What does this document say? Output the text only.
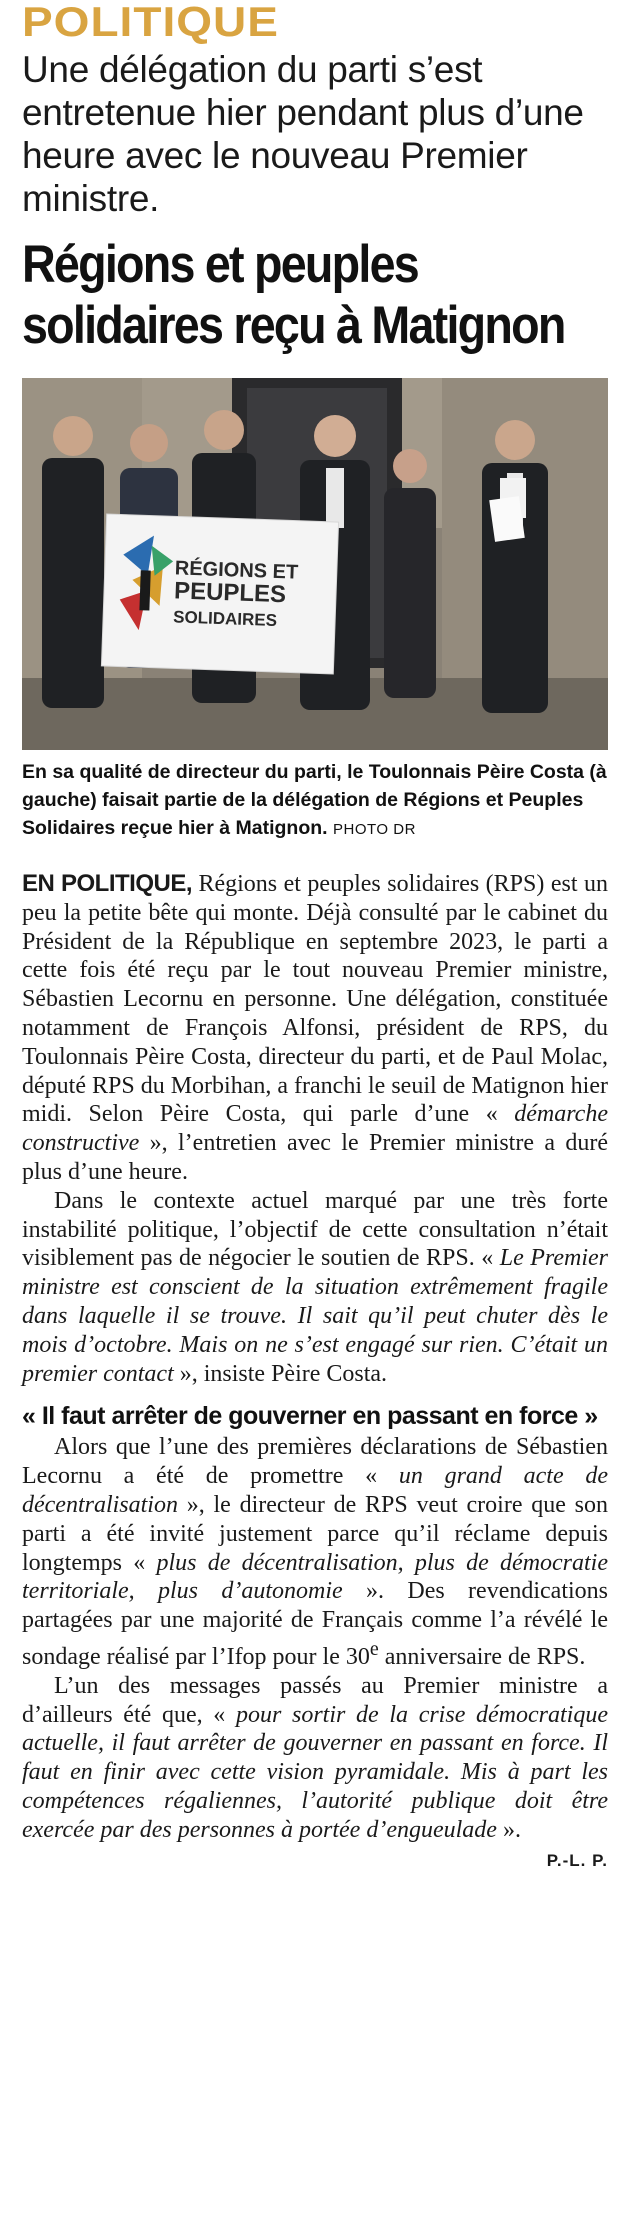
POLITIQUE
Une délégation du parti s’est entretenue hier pendant plus d’une heure avec le nouveau Premier ministre.
Régions et peuples solidaires reçu à Matignon
RÉGIONS ET
PEUPLES
SOLIDAIRES
En sa qualité de directeur du parti, le Toulonnais Pèire Costa (à gauche) faisait partie de la délégation de Régions et Peuples Solidaires reçue hier à Matignon. PHOTO DR

EN POLITIQUE, Régions et peuples solidaires (RPS) est un peu la petite bête qui monte. Déjà consulté par le cabinet du Président de la République en septembre 2023, le parti a cette fois été reçu par le tout nouveau Premier ministre, Sébastien Lecornu en personne. Une délégation, constituée notamment de François Alfonsi, président de RPS, du Toulonnais Pèire Costa, directeur du parti, et de Paul Molac, député RPS du Morbihan, a franchi le seuil de Matignon hier midi. Selon Pèire Costa, qui parle d’une « démarche constructive », l’entretien avec le Premier ministre a duré plus d’une heure.

Dans le contexte actuel marqué par une très forte instabilité politique, l’objectif de cette consultation n’était visiblement pas de négocier le soutien de RPS. « Le Premier ministre est conscient de la situation extrêmement fragile dans laquelle il se trouve. Il sait qu’il peut chuter dès le mois d’octobre. Mais on ne s’est engagé sur rien. C’était un premier contact », insiste Pèire Costa.

« Il faut arrêter de gouverner en passant en force »

Alors que l’une des premières déclarations de Sébastien Lecornu a été de promettre « un grand acte de décentralisation », le directeur de RPS veut croire que son parti a été invité justement parce qu’il réclame depuis longtemps « plus de décentralisation, plus de démocratie territoriale, plus d’autonomie ». Des revendications partagées par une majorité de Français comme l’a révélé le sondage réalisé par l’Ifop pour le 30e anniversaire de RPS.

L’un des messages passés au Premier ministre a d’ailleurs été que, « pour sortir de la crise démocratique actuelle, il faut arrêter de gouverner en passant en force. Il faut en finir avec cette vision pyramidale. Mis à part les compétences régaliennes, l’autorité publique doit être exercée par des personnes à portée d’engueulade ».

P.-L. P.
